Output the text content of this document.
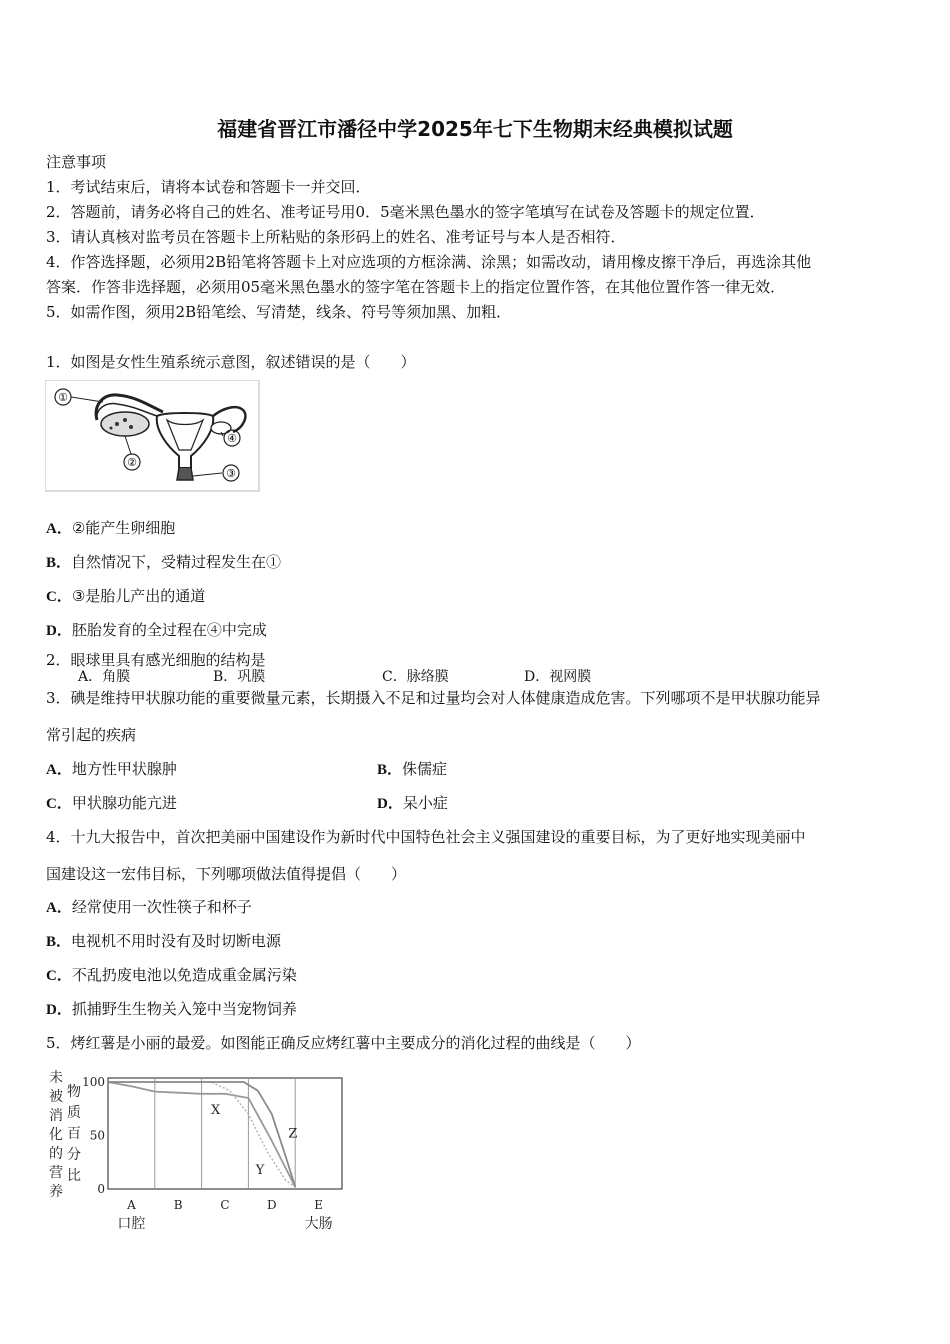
福建省晋江市潘径中学2025年七下生物期末经典模拟试题
注意事项
1．考试结束后，请将本试卷和答题卡一并交回．
2．答题前，请务必将自己的姓名、准考证号用0．5毫米黑色墨水的签字笔填写在试卷及答题卡的规定位置．
3．请认真核对监考员在答题卡上所粘贴的条形码上的姓名、准考证号与本人是否相符．
4．作答选择题，必须用2B铅笔将答题卡上对应选项的方框涂满、涂黑；如需改动，请用橡皮擦干净后，再选涂其他
答案．作答非选择题，必须用05毫米黑色墨水的签字笔在答题卡上的指定位置作答，在其他位置作答一律无效．
5．如需作图，须用2B铅笔绘、写清楚，线条、符号等须加黑、加粗．
1．如图是女性生殖系统示意图，叙述错误的是（　　）
①
②
④
③
A．②能产生卵细胞
B．自然情况下，受精过程发生在①
C．③是胎儿产出的通道
D．胚胎发育的全过程在④中完成
2．眼球里具有感光细胞的结构是
A．角膜	B．巩膜	C．脉络膜	D．视网膜
3．碘是维持甲状腺功能的重要微量元素，长期摄入不足和过量均会对人体健康造成危害。下列哪项不是甲状腺功能异
常引起的疾病
A．地方性甲状腺肿	B．侏儒症
C．甲状腺功能亢进	D．呆小症
4．十九大报告中，首次把美丽中国建设作为新时代中国特色社会主义强国建设的重要目标，为了更好地实现美丽中
国建设这一宏伟目标，下列哪项做法值得提倡（　　）
A．经常使用一次性筷子和杯子
B．电视机不用时没有及时切断电源
C．不乱扔废电池以免造成重金属污染
D．抓捕野生生物关入笼中当宠物饲养
5．烤红薯是小丽的最爱。如图能正确反应烤红薯中主要成分的消化过程的曲线是（　　）
未
被
消
化
的
营
养
物
质
百
分
比
100
50
0
A	B	C	D	E
口腔	大肠
X
Y
Z
